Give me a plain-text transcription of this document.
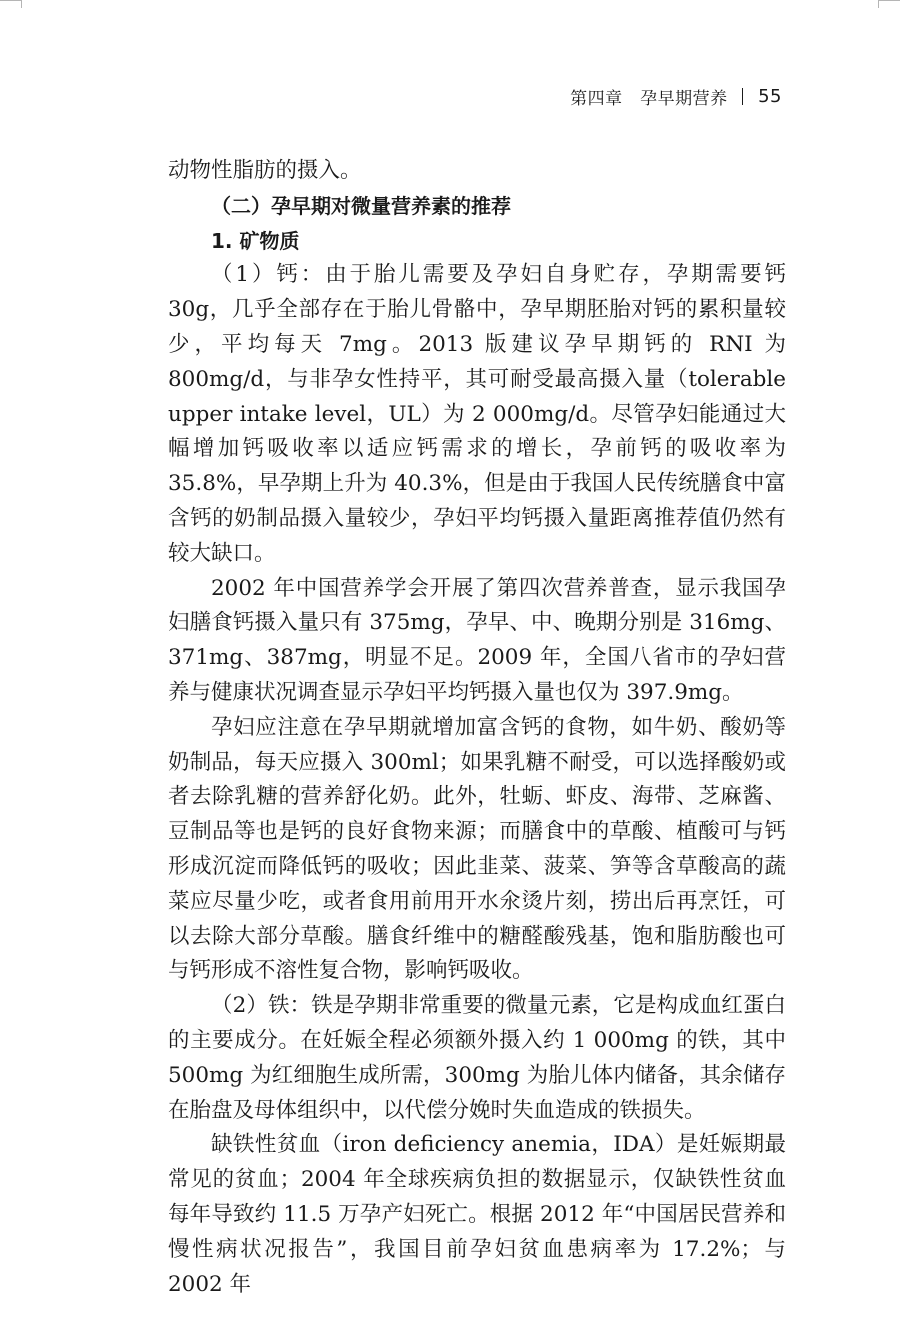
第四章　孕早期营养 55

动物性脂肪的摄入。

（二）孕早期对微量营养素的推荐

1. 矿物质

（1）钙：由于胎儿需要及孕妇自身贮存，孕期需要钙 30g，几乎全部存在于胎儿骨骼中，孕早期胚胎对钙的累积量较少，平均每天 7mg。2013 版建议孕早期钙的 RNI 为 800mg/d，与非孕女性持平，其可耐受最高摄入量（tolerable upper intake level，UL）为 2 000mg/d。尽管孕妇能通过大幅增加钙吸收率以适应钙需求的增长，孕前钙的吸收率为 35.8%，早孕期上升为 40.3%，但是由于我国人民传统膳食中富含钙的奶制品摄入量较少，孕妇平均钙摄入量距离推荐值仍然有较大缺口。

2002 年中国营养学会开展了第四次营养普查，显示我国孕妇膳食钙摄入量只有 375mg，孕早、中、晚期分别是 316mg、371mg、387mg，明显不足。2009 年，全国八省市的孕妇营养与健康状况调查显示孕妇平均钙摄入量也仅为 397.9mg。

孕妇应注意在孕早期就增加富含钙的食物，如牛奶、酸奶等奶制品，每天应摄入 300ml；如果乳糖不耐受，可以选择酸奶或者去除乳糖的营养舒化奶。此外，牡蛎、虾皮、海带、芝麻酱、豆制品等也是钙的良好食物来源；而膳食中的草酸、植酸可与钙形成沉淀而降低钙的吸收；因此韭菜、菠菜、笋等含草酸高的蔬菜应尽量少吃，或者食用前用开水氽烫片刻，捞出后再烹饪，可以去除大部分草酸。膳食纤维中的糖醛酸残基，饱和脂肪酸也可与钙形成不溶性复合物，影响钙吸收。

（2）铁：铁是孕期非常重要的微量元素，它是构成血红蛋白的主要成分。在妊娠全程必须额外摄入约 1 000mg 的铁，其中 500mg 为红细胞生成所需，300mg 为胎儿体内储备，其余储存在胎盘及母体组织中，以代偿分娩时失血造成的铁损失。

缺铁性贫血（iron deficiency anemia，IDA）是妊娠期最常见的贫血；2004 年全球疾病负担的数据显示，仅缺铁性贫血每年导致约 11.5 万孕产妇死亡。根据 2012 年“中国居民营养和慢性病状况报告”，我国目前孕妇贫血患病率为 17.2%；与 2002 年
